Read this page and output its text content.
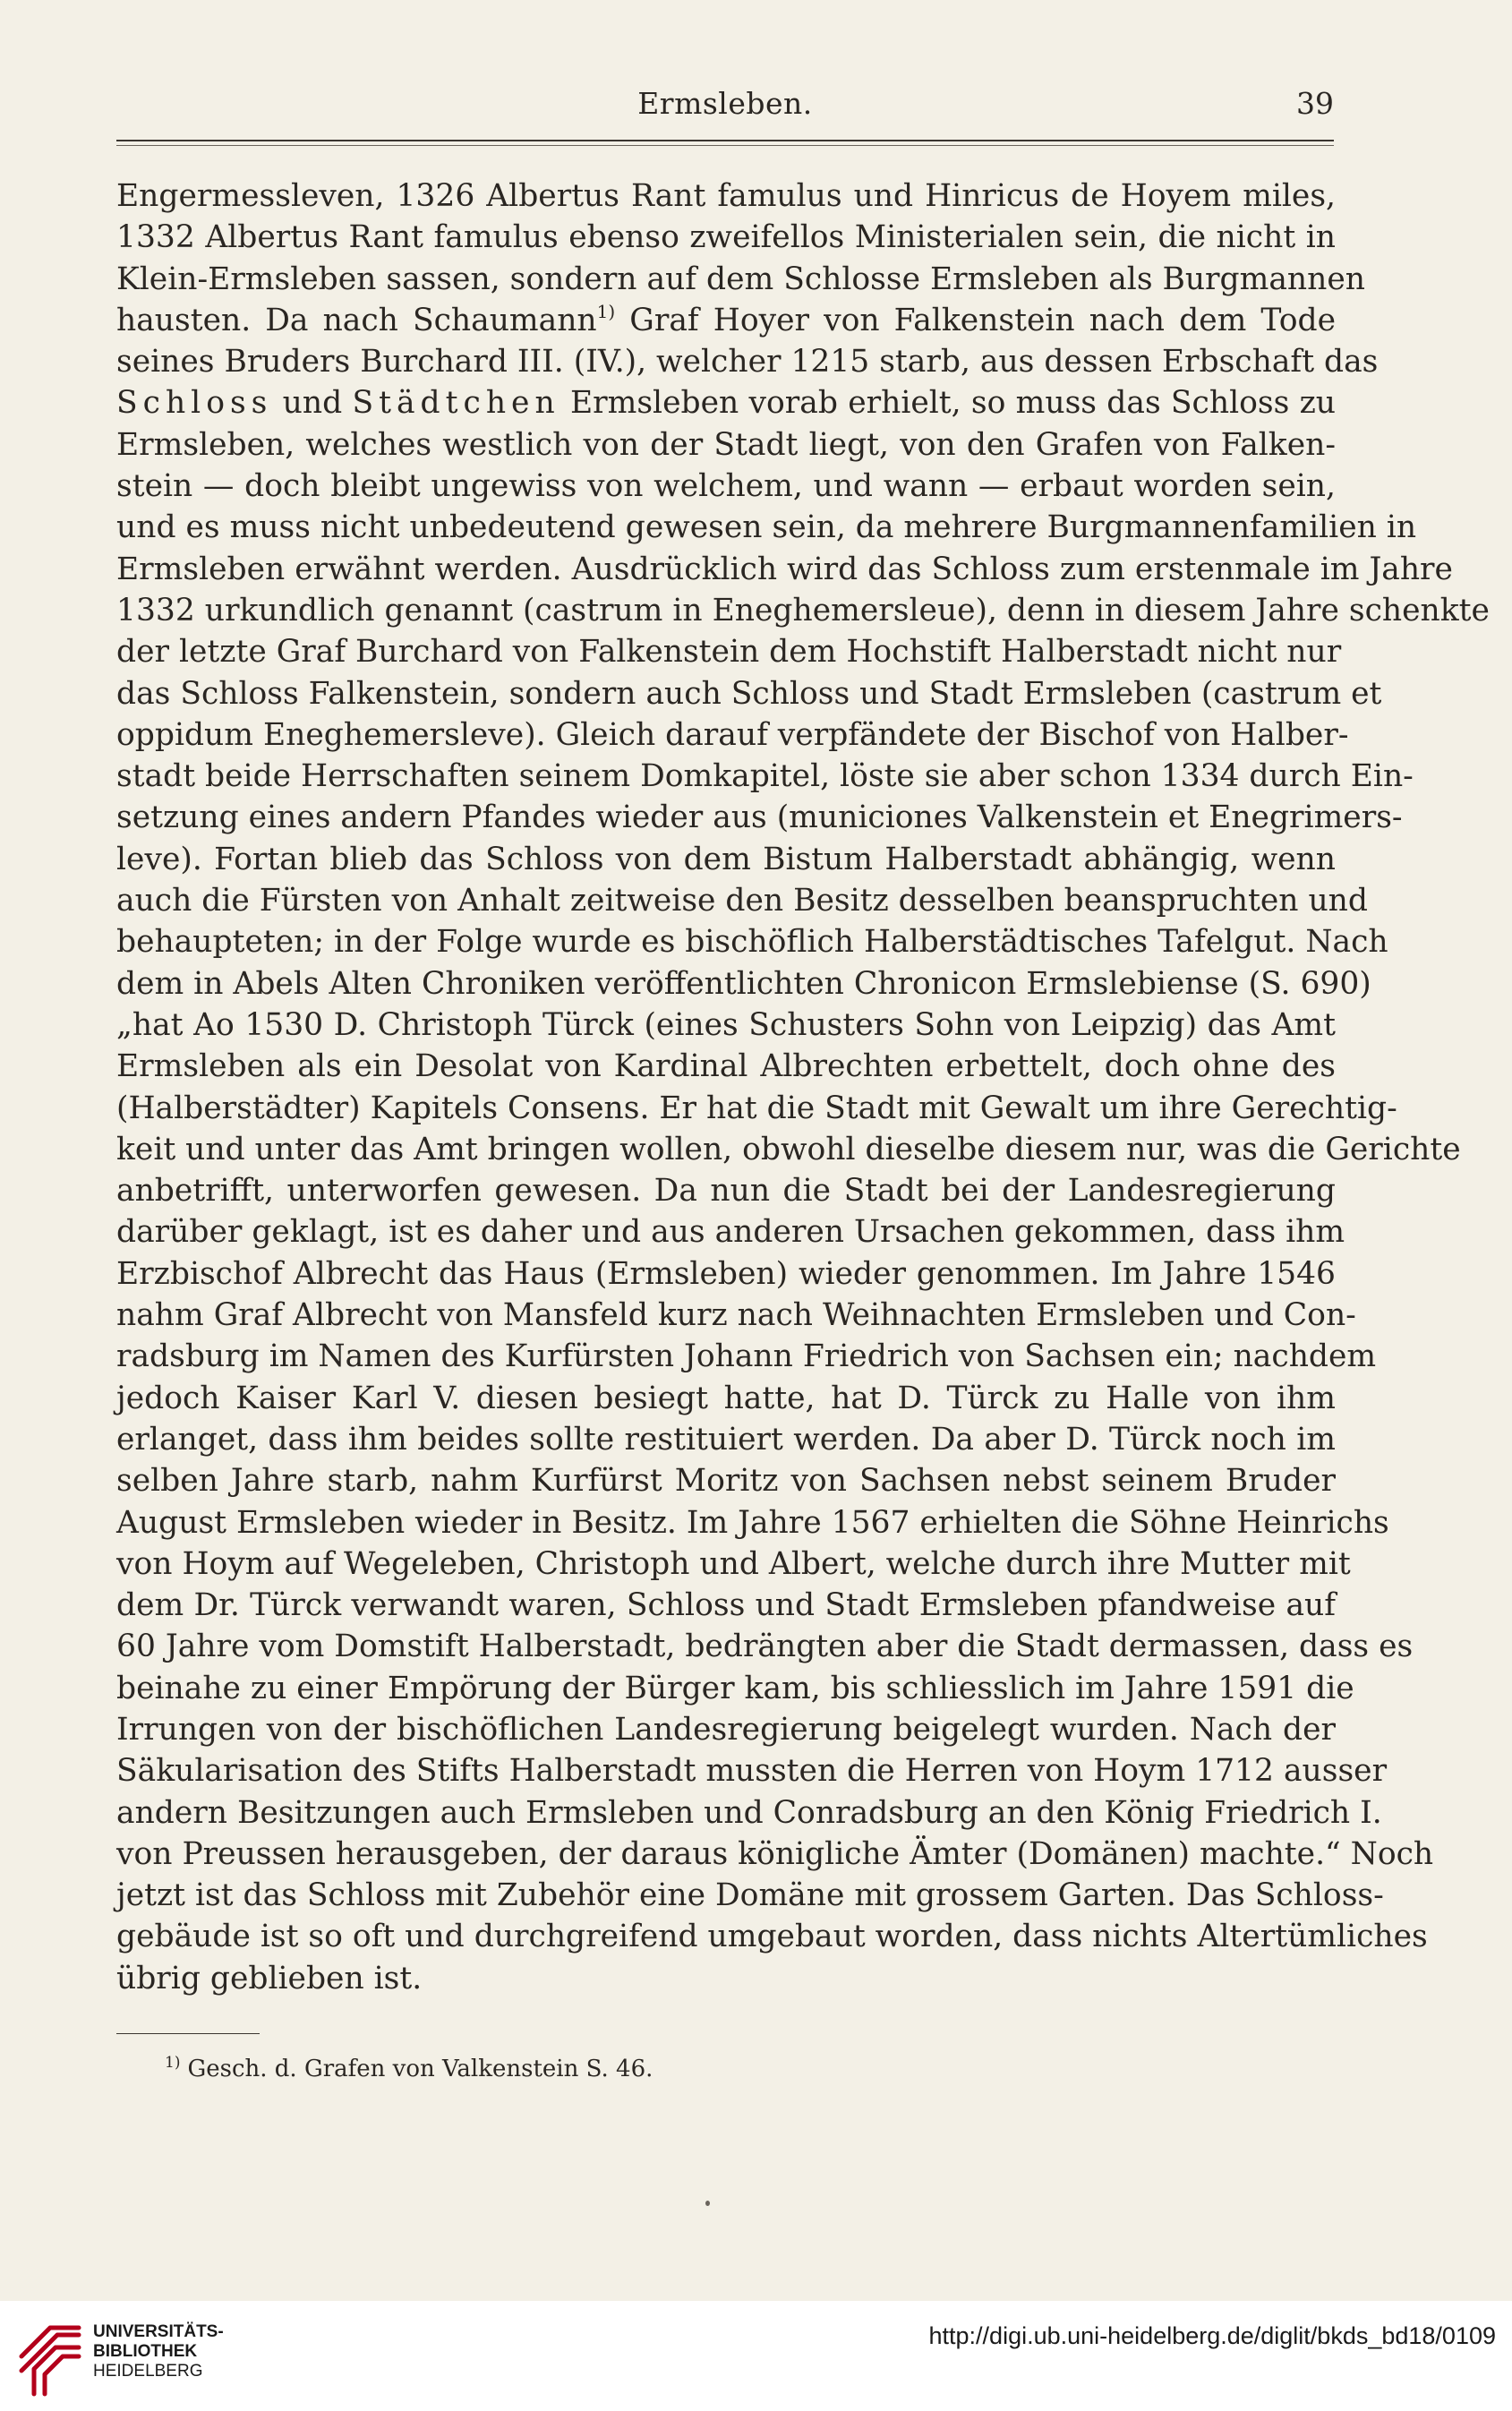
Ermsleben.	39
Engermessleven, 1326 Albertus Rant famulus und Hinricus de Hoyem miles,
1332 Albertus Rant famulus ebenso zweifellos Ministerialen sein, die nicht in
Klein-Ermsleben sassen, sondern auf dem Schlosse Ermsleben als Burgmannen
hausten. Da nach Schaumann$^{1)}$ Graf Hoyer von Falkenstein nach dem Tode
seines Bruders Burchard III. (IV.), welcher 1215 starb, aus dessen Erbschaft das
Schloss und Städtchen Ermsleben vorab erhielt, so muss das Schloss zu
Ermsleben, welches westlich von der Stadt liegt, von den Grafen von Falken-
stein — doch bleibt ungewiss von welchem, und wann — erbaut worden sein,
und es muss nicht unbedeutend gewesen sein, da mehrere Burgmannenfamilien in
Ermsleben erwähnt werden. Ausdrücklich wird das Schloss zum erstenmale im Jahre
1332 urkundlich genannt (castrum in Eneghemersleue), denn in diesem Jahre schenkte
der letzte Graf Burchard von Falkenstein dem Hochstift Halberstadt nicht nur
das Schloss Falkenstein, sondern auch Schloss und Stadt Ermsleben (castrum et
oppidum Eneghemersleve). Gleich darauf verpfändete der Bischof von Halber-
stadt beide Herrschaften seinem Domkapitel, löste sie aber schon 1334 durch Ein-
setzung eines andern Pfandes wieder aus (municiones Valkenstein et Enegrimers-
leve). Fortan blieb das Schloss von dem Bistum Halberstadt abhängig, wenn
auch die Fürsten von Anhalt zeitweise den Besitz desselben beanspruchten und
behaupteten; in der Folge wurde es bischöflich Halberstädtisches Tafelgut. Nach
dem in Abels Alten Chroniken veröffentlichten Chronicon Ermslebiense (S. 690)
„hat Ao 1530 D. Christoph Türck (eines Schusters Sohn von Leipzig) das Amt
Ermsleben als ein Desolat von Kardinal Albrechten erbettelt, doch ohne des
(Halberstädter) Kapitels Consens. Er hat die Stadt mit Gewalt um ihre Gerechtig-
keit und unter das Amt bringen wollen, obwohl dieselbe diesem nur, was die Gerichte
anbetrifft, unterworfen gewesen. Da nun die Stadt bei der Landesregierung
darüber geklagt, ist es daher und aus anderen Ursachen gekommen, dass ihm
Erzbischof Albrecht das Haus (Ermsleben) wieder genommen. Im Jahre 1546
nahm Graf Albrecht von Mansfeld kurz nach Weihnachten Ermsleben und Con-
radsburg im Namen des Kurfürsten Johann Friedrich von Sachsen ein; nachdem
jedoch Kaiser Karl V. diesen besiegt hatte, hat D. Türck zu Halle von ihm
erlanget, dass ihm beides sollte restituiert werden. Da aber D. Türck noch im
selben Jahre starb, nahm Kurfürst Moritz von Sachsen nebst seinem Bruder
August Ermsleben wieder in Besitz. Im Jahre 1567 erhielten die Söhne Heinrichs
von Hoym auf Wegeleben, Christoph und Albert, welche durch ihre Mutter mit
dem Dr. Türck verwandt waren, Schloss und Stadt Ermsleben pfandweise auf
60 Jahre vom Domstift Halberstadt, bedrängten aber die Stadt dermassen, dass es
beinahe zu einer Empörung der Bürger kam, bis schliesslich im Jahre 1591 die
Irrungen von der bischöflichen Landesregierung beigelegt wurden. Nach der
Säkularisation des Stifts Halberstadt mussten die Herren von Hoym 1712 ausser
andern Besitzungen auch Ermsleben und Conradsburg an den König Friedrich I.
von Preussen herausgeben, der daraus königliche Ämter (Domänen) machte.“ Noch
jetzt ist das Schloss mit Zubehör eine Domäne mit grossem Garten. Das Schloss-
gebäude ist so oft und durchgreifend umgebaut worden, dass nichts Altertümliches
übrig geblieben ist.
$^{1)}$ Gesch. d. Grafen von Valkenstein S. 46.
UNIVERSITÄTS-
BIBLIOTHEK
HEIDELBERG
http://digi.ub.uni-heidelberg.de/diglit/bkds_bd18/0109
